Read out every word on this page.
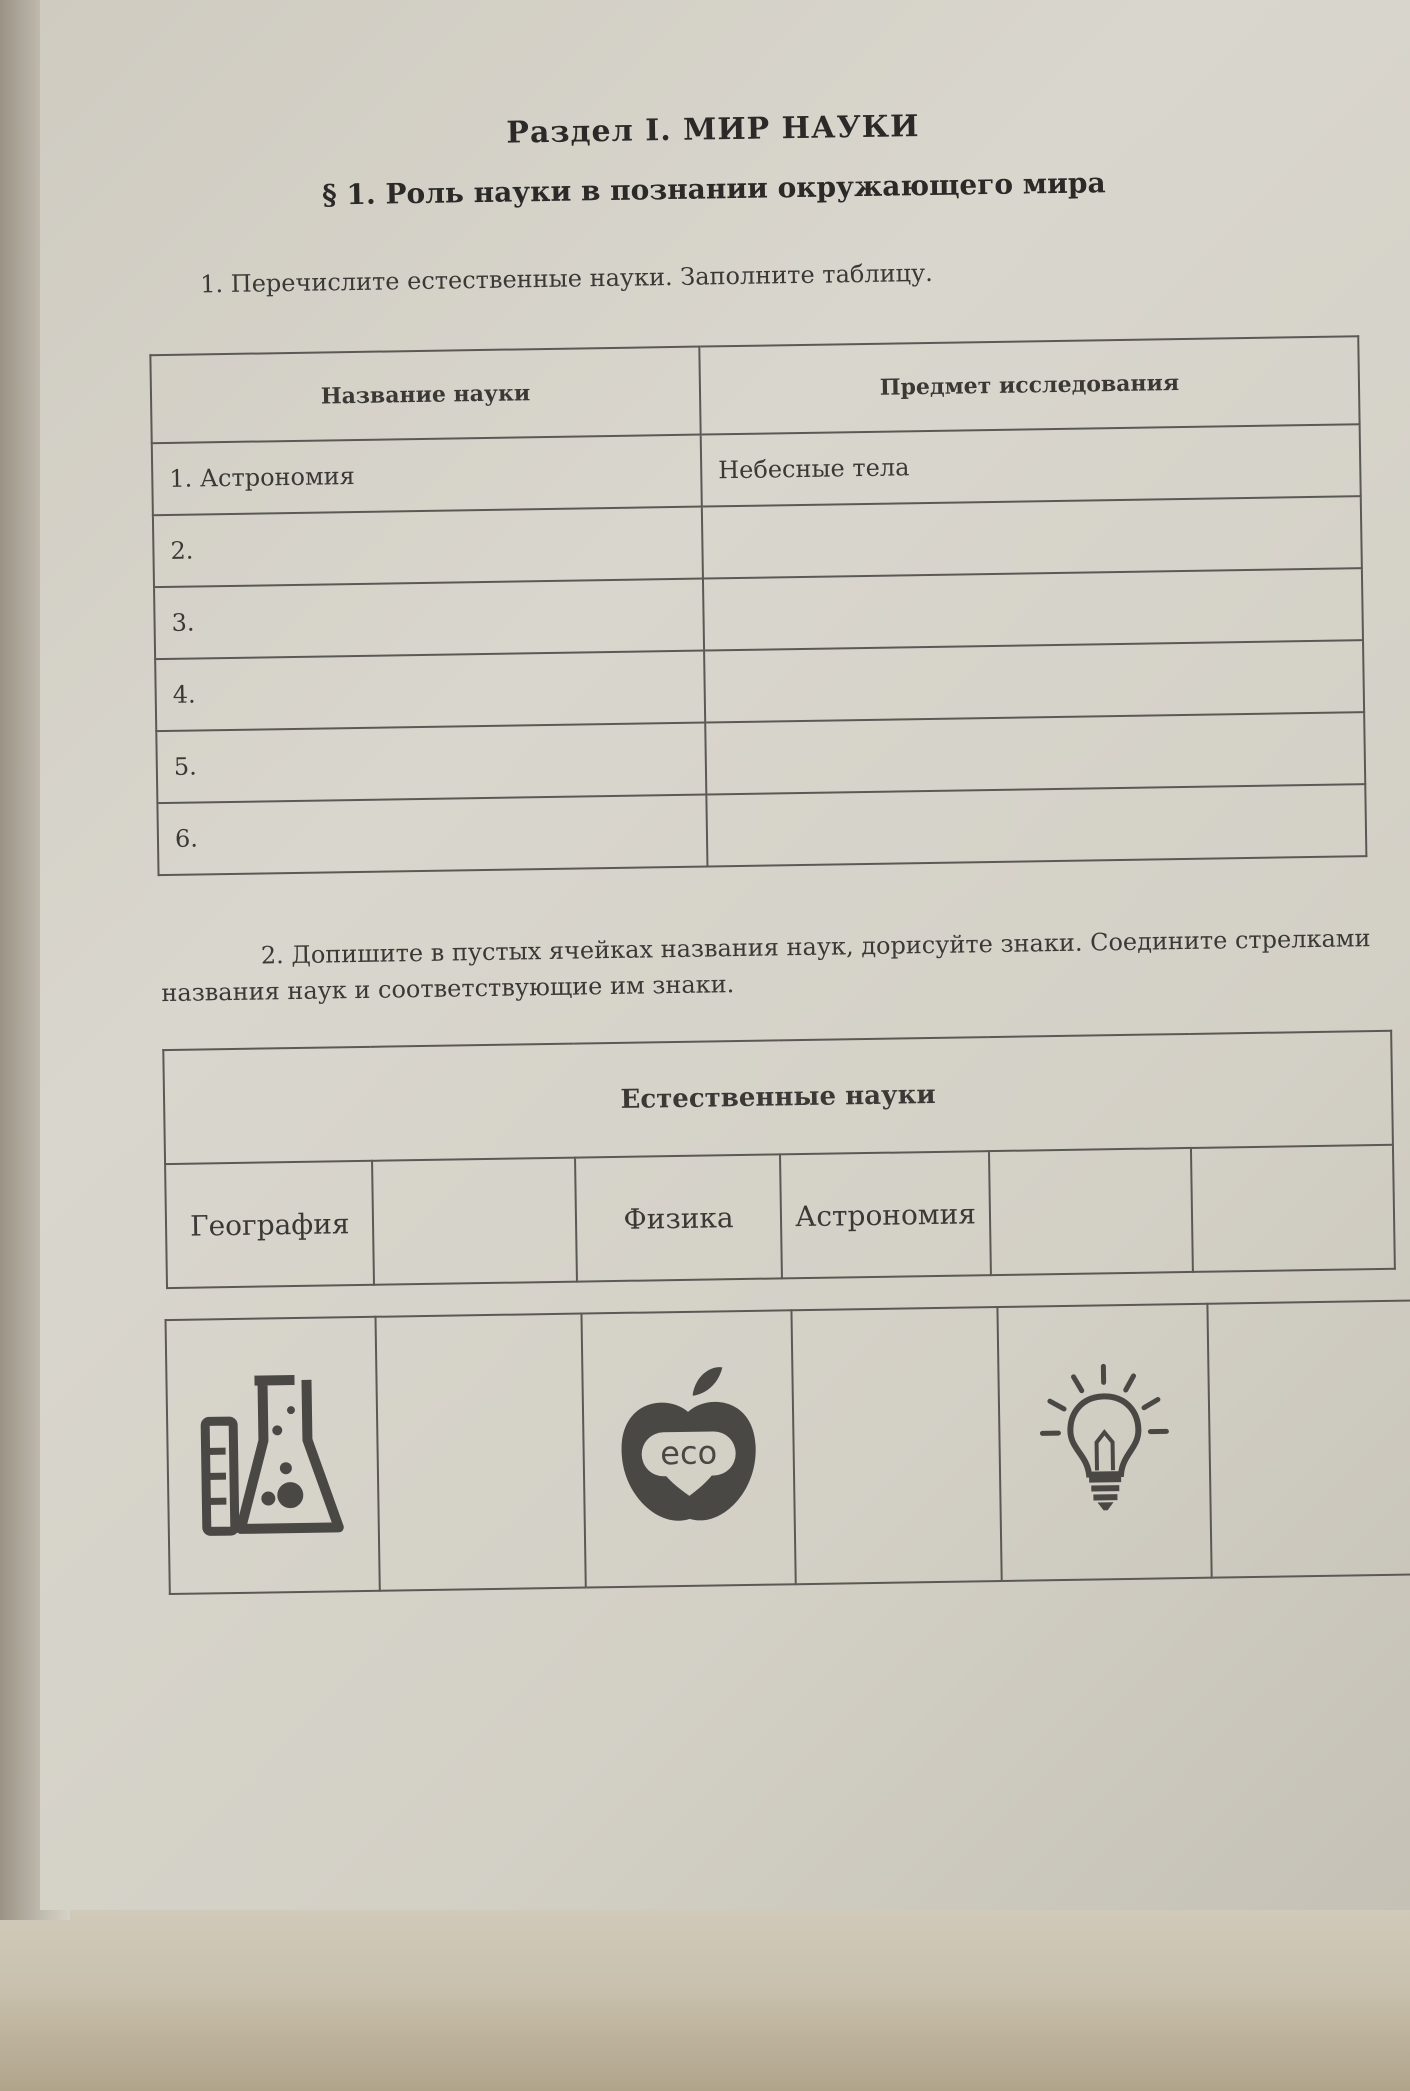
Раздел I. МИР НАУКИ
§ 1. Роль науки в познании окружающего мира
1. Перечислите естественные науки. Заполните таблицу.
Название науки	Предмет исследования
1. Астрономия	Небесные тела
2.	
3.	
4.	
5.	
6.	
2. Допишите в пустых ячейках названия наук, дорисуйте знаки. Соедините стрелками названия наук и соответствующие им знаки.
Естественные науки
География		Физика	Астрономия		

eco
